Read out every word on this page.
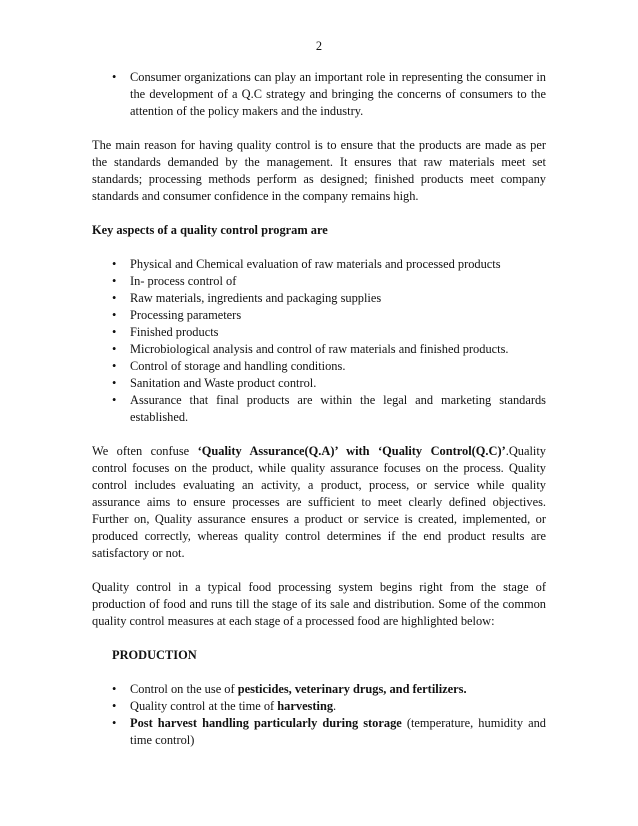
2
• Consumer organizations can play an important role in representing the consumer in the development of a Q.C strategy and bringing the concerns of consumers to the attention of the policy makers and the industry.

The main reason for having quality control is to ensure that the products are made as per the standards demanded by the management. It ensures that raw materials meet set standards; processing methods perform as designed; finished products meet company standards and consumer confidence in the company remains high.

Key aspects of a quality control program are

• Physical and Chemical evaluation of raw materials and processed products
• In- process control of
• Raw materials, ingredients and packaging supplies
• Processing parameters
• Finished products
• Microbiological analysis and control of raw materials and finished products.
• Control of storage and handling conditions.
• Sanitation and Waste product control.
• Assurance that final products are within the legal and marketing standards established.

We often confuse ‘Quality Assurance(Q.A)’ with ‘Quality Control(Q.C)’.Quality control focuses on the product, while quality assurance focuses on the process. Quality control includes evaluating an activity, a product, process, or service while quality assurance aims to ensure processes are sufficient to meet clearly defined objectives. Further on, Quality assurance ensures a product or service is created, implemented, or produced correctly, whereas quality control determines if the end product results are satisfactory or not.

Quality control in a typical food processing system begins right from the stage of production of food and runs till the stage of its sale and distribution. Some of the common quality control measures at each stage of a processed food are highlighted below:

PRODUCTION

• Control on the use of pesticides, veterinary drugs, and fertilizers.
• Quality control at the time of harvesting.
• Post harvest handling particularly during storage (temperature, humidity and time control)
